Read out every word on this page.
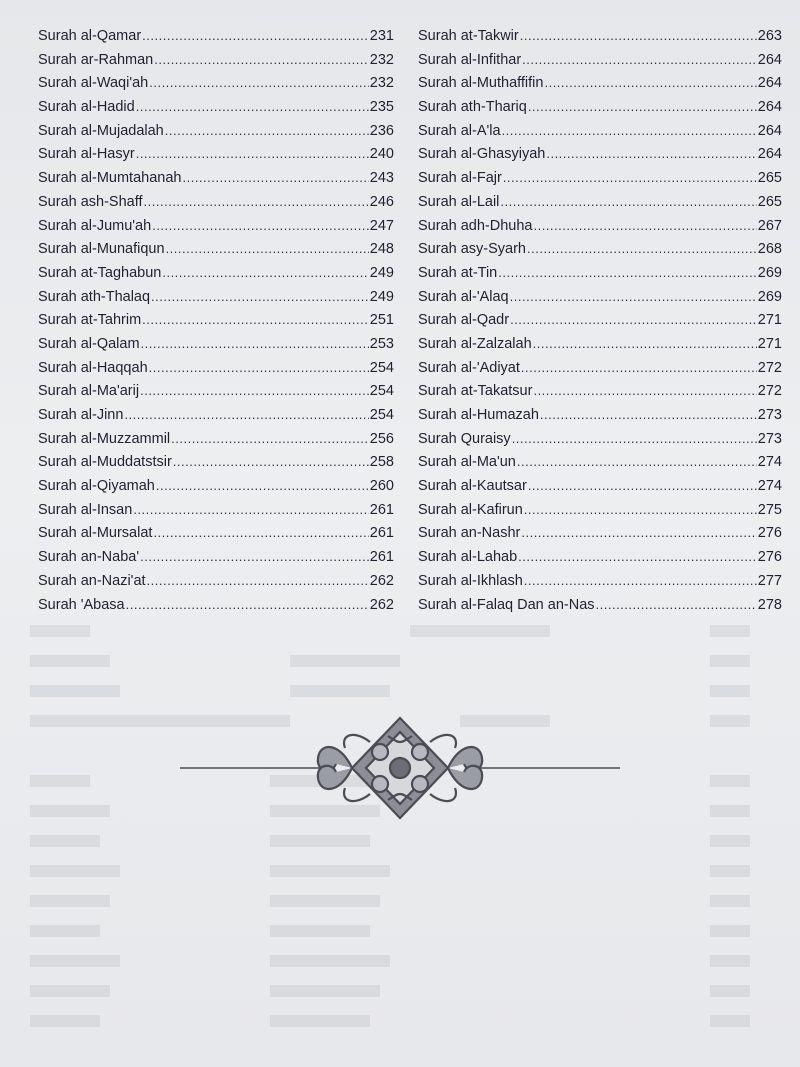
Surah al-Qamar .....	231
Surah ar-Rahman .....	232
Surah al-Waqi'ah .....	232
Surah al-Hadid .....	235
Surah al-Mujadalah .....	236
Surah al-Hasyr .....	240
Surah al-Mumtahanah .....	243
Surah ash-Shaff .....	246
Surah al-Jumu'ah .....	247
Surah al-Munafiqun .....	248
Surah at-Taghabun .....	249
Surah ath-Thalaq .....	249
Surah at-Tahrim .....	251
Surah al-Qalam .....	253
Surah al-Haqqah .....	254
Surah al-Ma'arij .....	254
Surah al-Jinn .....	254
Surah al-Muzzammil .....	256
Surah al-Muddatstsir .....	258
Surah al-Qiyamah .....	260
Surah al-Insan .....	261
Surah al-Mursalat .....	261
Surah an-Naba' .....	261
Surah an-Nazi'at .....	262
Surah 'Abasa .....	262
Surah at-Takwir .....	263
Surah al-Infithar .....	264
Surah al-Muthaffifin .....	264
Surah ath-Thariq .....	264
Surah al-A'la .....	264
Surah al-Ghasyiyah .....	264
Surah al-Fajr .....	265
Surah al-Lail .....	265
Surah adh-Dhuha .....	267
Surah asy-Syarh .....	268
Surah at-Tin .....	269
Surah al-'Alaq .....	269
Surah al-Qadr .....	271
Surah al-Zalzalah .....	271
Surah al-'Adiyat .....	272
Surah at-Takatsur .....	272
Surah al-Humazah .....	273
Surah Quraisy .....	273
Surah al-Ma'un .....	274
Surah al-Kautsar .....	274
Surah al-Kafirun .....	275
Surah an-Nashr .....	276
Surah al-Lahab .....	276
Surah al-Ikhlash .....	277
Surah al-Falaq Dan an-Nas .....	278
